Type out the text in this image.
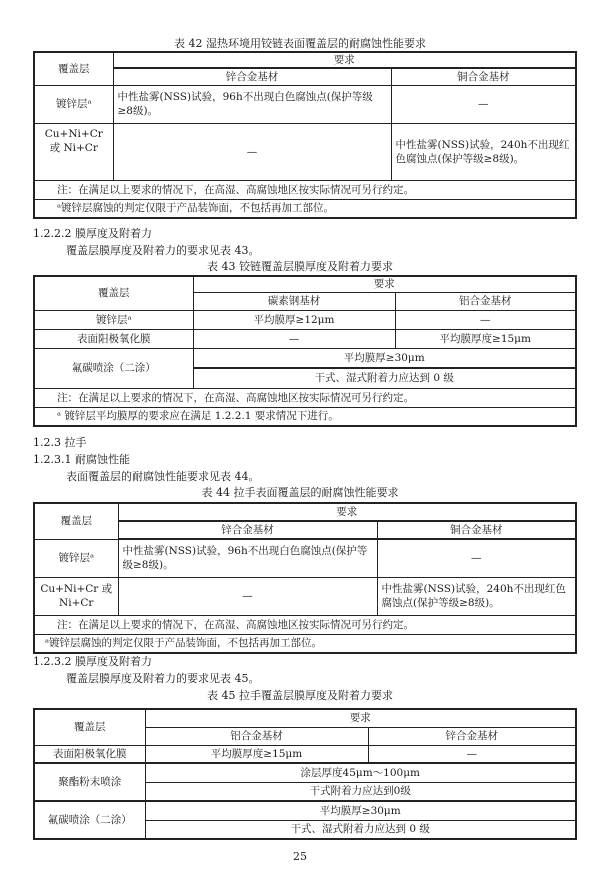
表 42 湿热环境用铰链表面覆盖层的耐腐蚀性能要求
覆盖层	要求	
	锌合金基材	铜合金基材
镀锌层ᵃ	中性盐雾(NSS)试验，96h不出现白色腐蚀点(保护等级≥8级)。	—
Cu+Ni+Cr 或 Ni+Cr	—	中性盐雾(NSS)试验，240h不出现红色腐蚀点(保护等级≥8级)。
注：在满足以上要求的情况下，在高湿、高腐蚀地区按实际情况可另行约定。		
ᵃ镀锌层腐蚀的判定仅限于产品装饰面，不包括再加工部位。		
1.2.2.2 膜厚度及附着力
覆盖层膜厚度及附着力的要求见表 43。
表 43 铰链覆盖层膜厚度及附着力要求
覆盖层	要求	
	碳素钢基材	铝合金基材
镀锌层ᵃ	平均膜厚≥12μm	—
表面阳极氧化膜	—	平均膜厚度≥15μm
氟碳喷涂（二涂）	平均膜厚≥30μm	
	干式、湿式附着力应达到 0 级	
注：在满足以上要求的情况下，在高湿、高腐蚀地区按实际情况可另行约定。		
ᵃ 镀锌层平均膜厚的要求应在满足 1.2.2.1 要求情况下进行。		
1.2.3 拉手
1.2.3.1 耐腐蚀性能
表面覆盖层的耐腐蚀性能要求见表 44。
表 44 拉手表面覆盖层的耐腐蚀性能要求
覆盖层	要求	
	锌合金基材	铜合金基材
镀锌层ᵃ	中性盐雾(NSS)试验，96h不出现白色腐蚀点(保护等级≥8级)。	—
Cu+Ni+Cr 或 Ni+Cr	—	中性盐雾(NSS)试验，240h不出现红色腐蚀点(保护等级≥8级)。
注：在满足以上要求的情况下，在高湿、高腐蚀地区按实际情况可另行约定。		
ᵃ镀锌层腐蚀的判定仅限于产品装饰面，不包括再加工部位。		
1.2.3.2 膜厚度及附着力
覆盖层膜厚度及附着力的要求见表 45。
表 45 拉手覆盖层膜厚度及附着力要求
覆盖层	要求	
	铝合金基材	锌合金基材
表面阳极氧化膜	平均膜厚度≥15μm	—
聚酯粉末喷涂	涂层厚度45μm～100μm	
	干式附着力应达到0级	
氟碳喷涂（二涂）	平均膜厚≥30μm	
	干式、湿式附着力应达到 0 级	
25
